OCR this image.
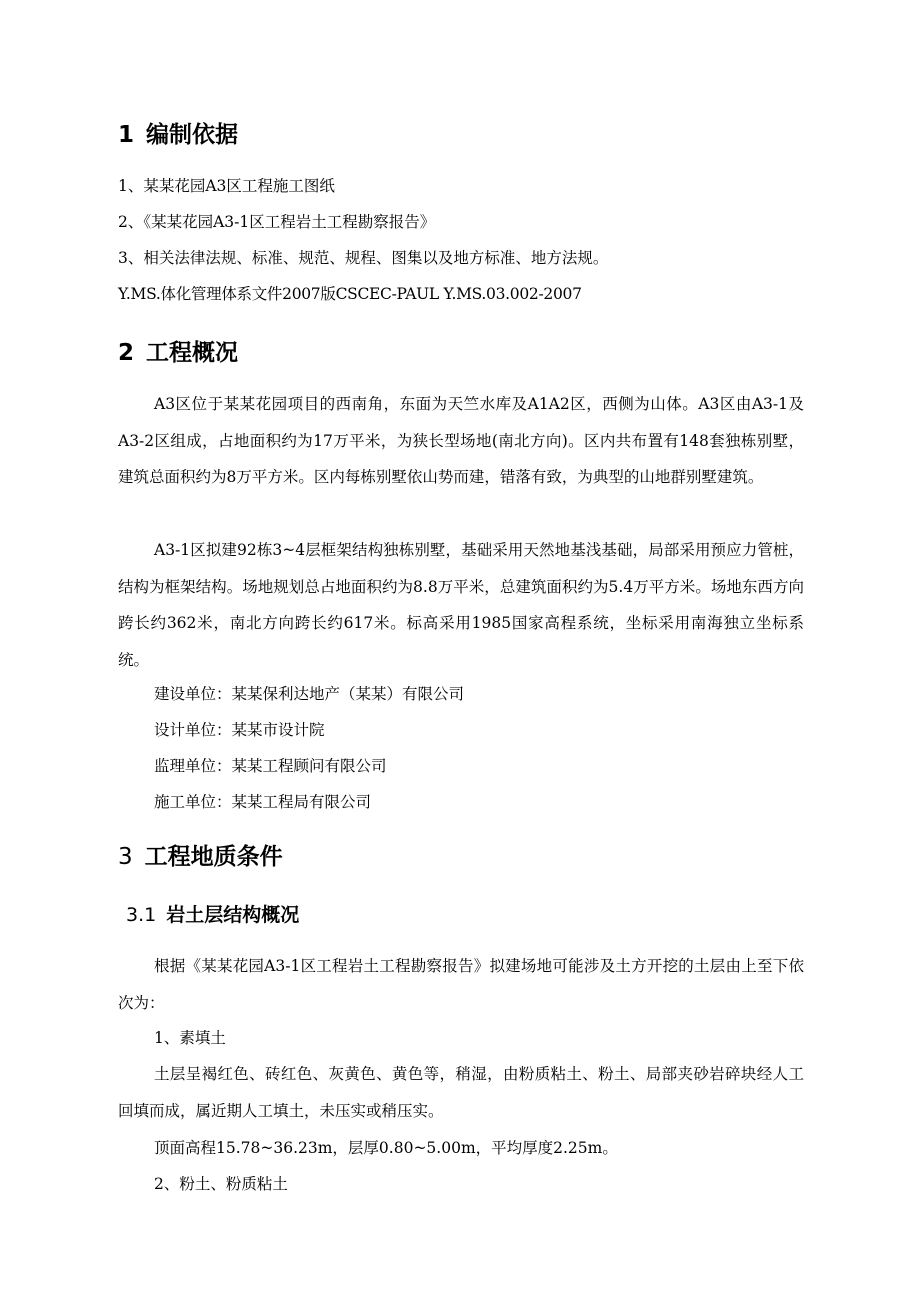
1 编制依据
1、某某花园A3区工程施工图纸
2、《某某花园A3-1区工程岩土工程勘察报告》
3、相关法律法规、标准、规范、规程、图集以及地方标准、地方法规。
Y.MS.体化管理体系文件2007版CSCEC-PAUL Y.MS.03.002-2007
2 工程概况
A3区位于某某花园项目的西南角，东面为天竺水库及A1A2区，西侧为山体。A3区由A3-1及A3-2区组成，占地面积约为17万平米，为狭长型场地(南北方向)。区内共布置有148套独栋别墅，建筑总面积约为8万平方米。区内每栋别墅依山势而建，错落有致，为典型的山地群别墅建筑。
A3-1区拟建92栋3~4层框架结构独栋别墅，基础采用天然地基浅基础，局部采用预应力管桩，结构为框架结构。场地规划总占地面积约为8.8万平米，总建筑面积约为5.4万平方米。场地东西方向跨长约362米，南北方向跨长约617米。标高采用1985国家高程系统，坐标采用南海独立坐标系统。
建设单位：某某保利达地产（某某）有限公司
设计单位：某某市设计院
监理单位：某某工程顾问有限公司
施工单位：某某工程局有限公司
3 工程地质条件
3.1 岩土层结构概况
根据《某某花园A3-1区工程岩土工程勘察报告》拟建场地可能涉及土方开挖的土层由上至下依次为：
1、素填土
土层呈褐红色、砖红色、灰黄色、黄色等，稍湿，由粉质粘土、粉土、局部夹砂岩碎块经人工回填而成，属近期人工填土，未压实或稍压实。
顶面高程15.78~36.23m，层厚0.80~5.00m，平均厚度2.25m。
2、粉土、粉质粘土
